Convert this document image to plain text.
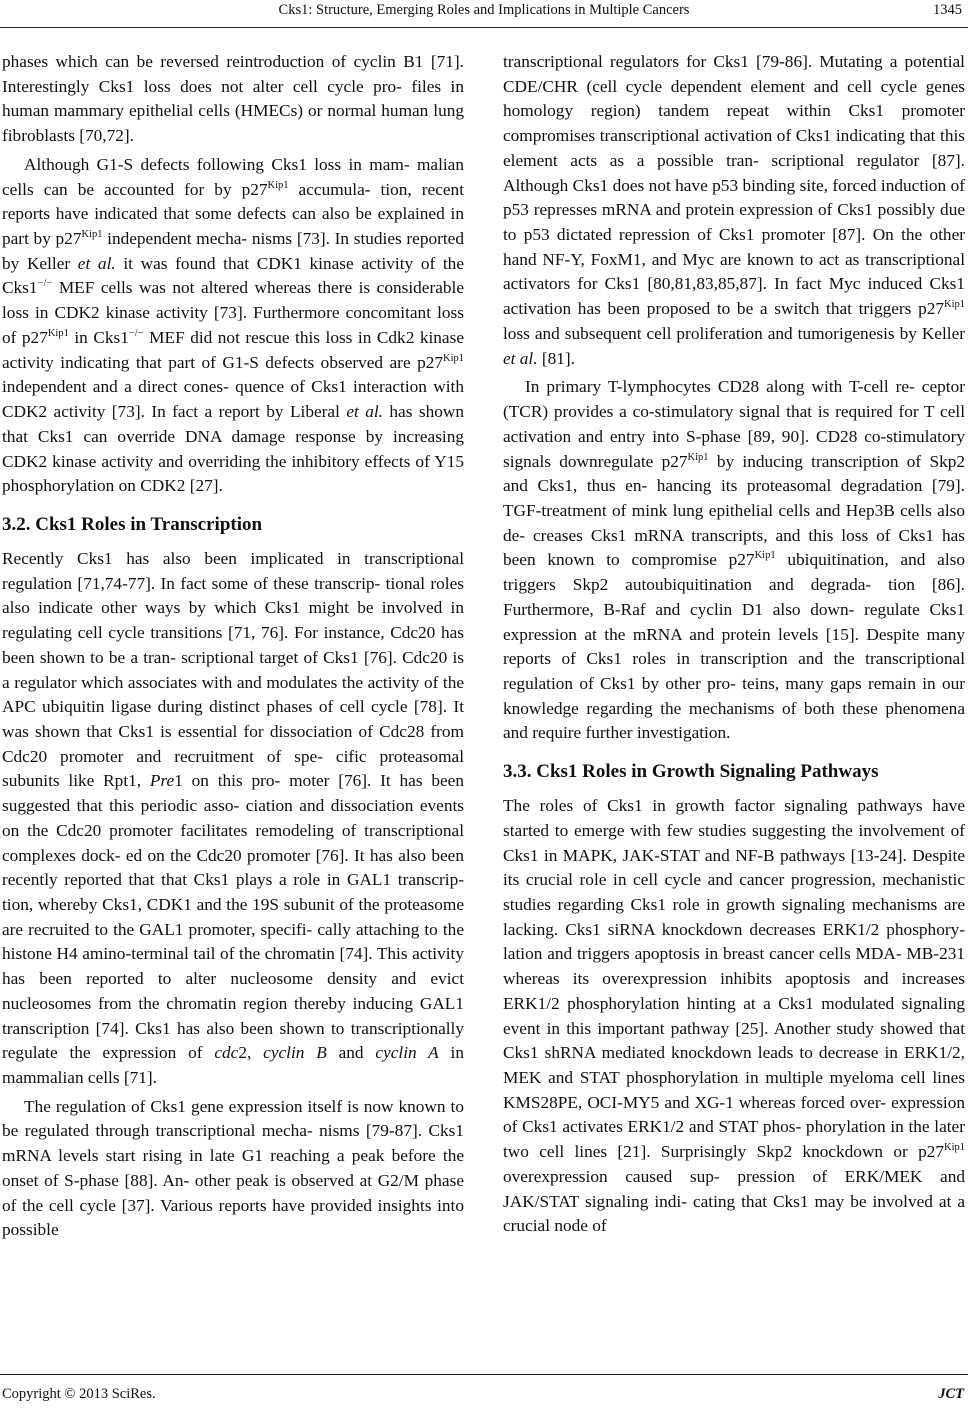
Cks1: Structure, Emerging Roles and Implications in Multiple Cancers	1345

phases which can be reversed reintroduction of cyclin B1 [71]. Interestingly Cks1 loss does not alter cell cycle pro- files in human mammary epithelial cells (HMECs) or normal human lung fibroblasts [70,72].

Although G1-S defects following Cks1 loss in mam- malian cells can be accounted for by $p27^{Kip1}$ accumula- tion, recent reports have indicated that some defects can also be explained in part by $p27^{Kip1}$ independent mecha- nisms [73]. In studies reported by Keller et al. it was found that CDK1 kinase activity of the Cks1−/− MEF cells was not altered whereas there is considerable loss in CDK2 kinase activity [73]. Furthermore concomitant loss of $p27^{Kip1}$ in Cks1−/− MEF did not rescue this loss in Cdk2 kinase activity indicating that part of G1-S defects observed are $p27^{Kip1}$ independent and a direct cones- quence of Cks1 interaction with CDK2 activity [73]. In fact a report by Liberal et al. has shown that Cks1 can override DNA damage response by increasing CDK2 kinase activity and overriding the inhibitory effects of Y15 phosphorylation on CDK2 [27].

3.2. Cks1 Roles in Transcription

Recently Cks1 has also been implicated in transcriptional regulation [71,74-77]. In fact some of these transcrip- tional roles also indicate other ways by which Cks1 might be involved in regulating cell cycle transitions [71, 76]. For instance, Cdc20 has been shown to be a tran- scriptional target of Cks1 [76]. Cdc20 is a regulator which associates with and modulates the activity of the APC ubiquitin ligase during distinct phases of cell cycle [78]. It was shown that Cks1 is essential for dissociation of Cdc28 from Cdc20 promoter and recruitment of spe- cific proteasomal subunits like Rpt1, Pre1 on this pro- moter [76]. It has been suggested that this periodic asso- ciation and dissociation events on the Cdc20 promoter facilitates remodeling of transcriptional complexes dock- ed on the Cdc20 promoter [76]. It has also been recently reported that that Cks1 plays a role in GAL1 transcrip- tion, whereby Cks1, CDK1 and the 19S subunit of the proteasome are recruited to the GAL1 promoter, specifi- cally attaching to the histone H4 amino-terminal tail of the chromatin [74]. This activity has been reported to alter nucleosome density and evict nucleosomes from the chromatin region thereby inducing GAL1 transcription [74]. Cks1 has also been shown to transcriptionally regulate the expression of cdc2, cyclin B and cyclin A in mammalian cells [71].

The regulation of Cks1 gene expression itself is now known to be regulated through transcriptional mecha- nisms [79-87]. Cks1 mRNA levels start rising in late G1 reaching a peak before the onset of S-phase [88]. An- other peak is observed at G2/M phase of the cell cycle [37]. Various reports have provided insights into possible

transcriptional regulators for Cks1 [79-86]. Mutating a potential CDE/CHR (cell cycle dependent element and cell cycle genes homology region) tandem repeat within Cks1 promoter compromises transcriptional activation of Cks1 indicating that this element acts as a possible tran- scriptional regulator [87]. Although Cks1 does not have p53 binding site, forced induction of p53 represses mRNA and protein expression of Cks1 possibly due to p53 dictated repression of Cks1 promoter [87]. On the other hand NF-Y, FoxM1, and Myc are known to act as transcriptional activators for Cks1 [80,81,83,85,87]. In fact Myc induced Cks1 activation has been proposed to be a switch that triggers $p27^{Kip1}$ loss and subsequent cell proliferation and tumorigenesis by Keller et al. [81].

In primary T-lymphocytes CD28 along with T-cell re- ceptor (TCR) provides a co-stimulatory signal that is required for T cell activation and entry into S-phase [89, 90]. CD28 co-stimulatory signals downregulate $p27^{Kip1}$ by inducing transcription of Skp2 and Cks1, thus en- hancing its proteasomal degradation [79]. TGF-treatment of mink lung epithelial cells and Hep3B cells also de- creases Cks1 mRNA transcripts, and this loss of Cks1 has been known to compromise $p27^{Kip1}$ ubiquitination, and also triggers Skp2 autoubiquitination and degrada- tion [86]. Furthermore, B-Raf and cyclin D1 also down- regulate Cks1 expression at the mRNA and protein levels [15]. Despite many reports of Cks1 roles in transcription and the transcriptional regulation of Cks1 by other pro- teins, many gaps remain in our knowledge regarding the mechanisms of both these phenomena and require further investigation.

3.3. Cks1 Roles in Growth Signaling Pathways

The roles of Cks1 in growth factor signaling pathways have started to emerge with few studies suggesting the involvement of Cks1 in MAPK, JAK-STAT and NF-B pathways [13-24]. Despite its crucial role in cell cycle and cancer progression, mechanistic studies regarding Cks1 role in growth signaling mechanisms are lacking. Cks1 siRNA knockdown decreases ERK1/2 phosphory- lation and triggers apoptosis in breast cancer cells MDA- MB-231 whereas its overexpression inhibits apoptosis and increases ERK1/2 phosphorylation hinting at a Cks1 modulated signaling event in this important pathway [25]. Another study showed that Cks1 shRNA mediated knockdown leads to decrease in ERK1/2, MEK and STAT phosphorylation in multiple myeloma cell lines KMS28PE, OCI-MY5 and XG-1 whereas forced over- expression of Cks1 activates ERK1/2 and STAT phos- phorylation in the later two cell lines [21]. Surprisingly Skp2 knockdown or $p27^{Kip1}$ overexpression caused sup- pression of ERK/MEK and JAK/STAT signaling indi- cating that Cks1 may be involved at a crucial node of

Copyright © 2013 SciRes.	JCT
